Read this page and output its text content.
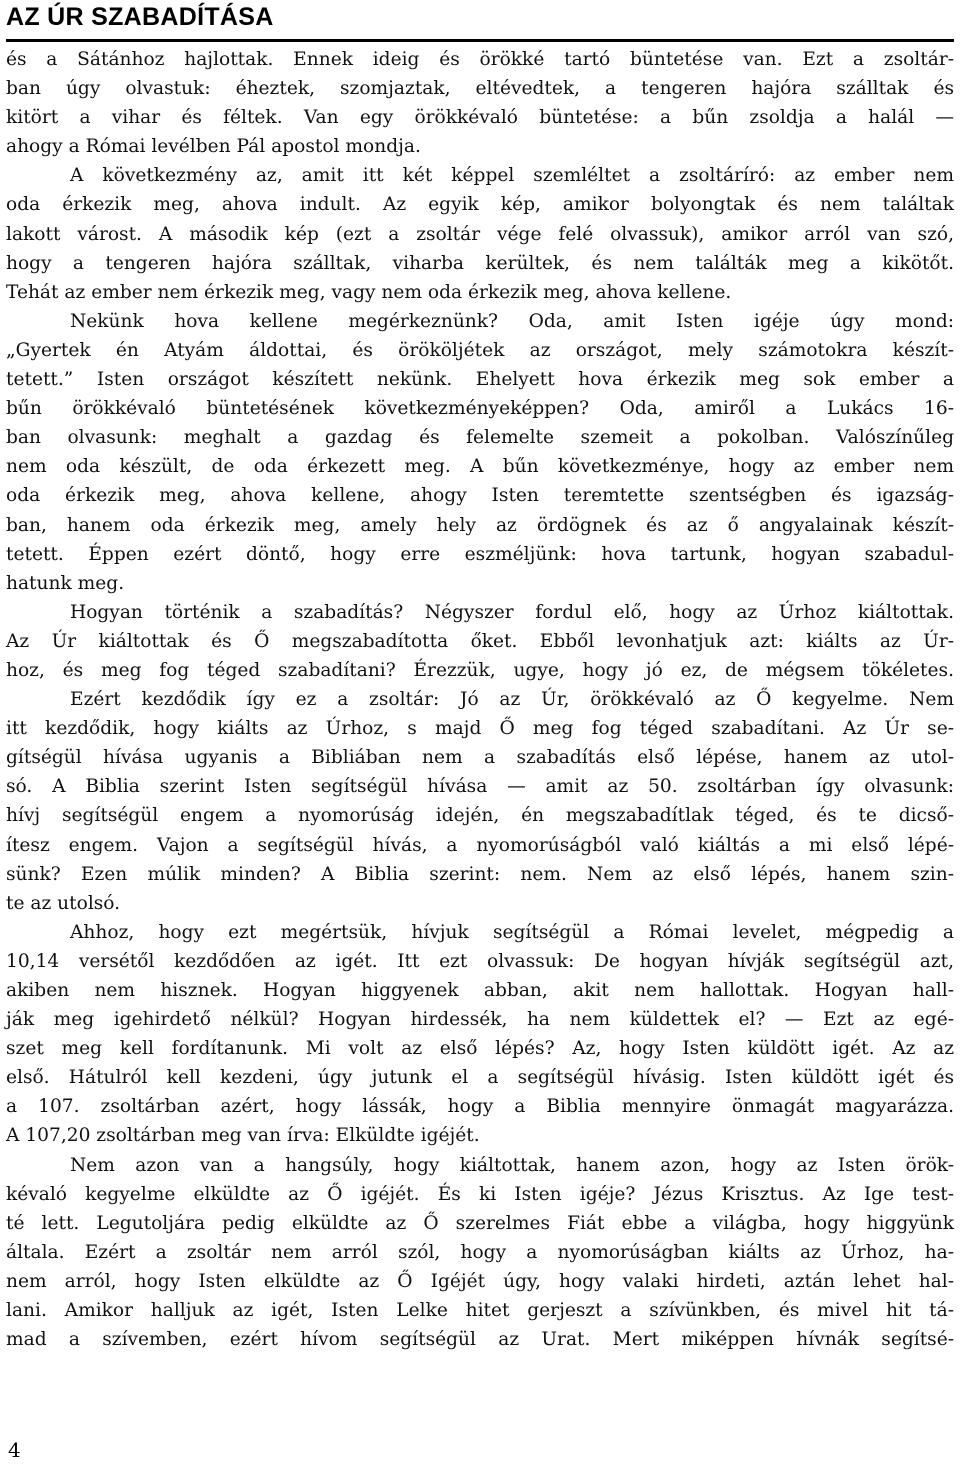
AZ ÚR SZABADÍTÁSA
és a Sátánhoz hajlottak. Ennek ideig és örökké tartó büntetése van. Ezt a zsoltár-
ban úgy olvastuk: éheztek, szomjaztak, eltévedtek, a tengeren hajóra szálltak és
kitört a vihar és féltek. Van egy örökkévaló büntetése: a bűn zsoldja a halál —
ahogy a Római levélben Pál apostol mondja.
A következmény az, amit itt két képpel szemléltet a zsoltáríró: az ember nem
oda érkezik meg, ahova indult. Az egyik kép, amikor bolyongtak és nem találtak
lakott várost. A második kép (ezt a zsoltár vége felé olvassuk), amikor arról van szó,
hogy a tengeren hajóra szálltak, viharba kerültek, és nem találták meg a kikötőt.
Tehát az ember nem érkezik meg, vagy nem oda érkezik meg, ahova kellene.
Nekünk hova kellene megérkeznünk? Oda, amit Isten igéje úgy mond:
„Gyertek én Atyám áldottai, és örököljétek az országot, mely számotokra készít-
tetett.” Isten országot készített nekünk. Ehelyett hova érkezik meg sok ember a
bűn örökkévaló büntetésének következményeképpen? Oda, amiről a Lukács 16-
ban olvasunk: meghalt a gazdag és felemelte szemeit a pokolban. Valószínűleg
nem oda készült, de oda érkezett meg. A bűn következménye, hogy az ember nem
oda érkezik meg, ahova kellene, ahogy Isten teremtette szentségben és igazság-
ban, hanem oda érkezik meg, amely hely az ördögnek és az ő angyalainak készít-
tetett. Éppen ezért döntő, hogy erre eszméljünk: hova tartunk, hogyan szabadul-
hatunk meg.
Hogyan történik a szabadítás? Négyszer fordul elő, hogy az Úrhoz kiáltottak.
Az Úr kiáltottak és Ő megszabadította őket. Ebből levonhatjuk azt: kiálts az Úr-
hoz, és meg fog téged szabadítani? Érezzük, ugye, hogy jó ez, de mégsem tökéletes.
Ezért kezdődik így ez a zsoltár: Jó az Úr, örökkévaló az Ő kegyelme. Nem
itt kezdődik, hogy kiálts az Úrhoz, s majd Ő meg fog téged szabadítani. Az Úr se-
gítségül hívása ugyanis a Bibliában nem a szabadítás első lépése, hanem az utol-
só. A Biblia szerint Isten segítségül hívása — amit az 50. zsoltárban így olvasunk:
hívj segítségül engem a nyomorúság idején, én megszabadítlak téged, és te dicső-
ítesz engem. Vajon a segítségül hívás, a nyomorúságból való kiáltás a mi első lépé-
sünk? Ezen múlik minden? A Biblia szerint: nem. Nem az első lépés, hanem szin-
te az utolsó.
Ahhoz, hogy ezt megértsük, hívjuk segítségül a Római levelet, mégpedig a
10,14 versétől kezdődően az igét. Itt ezt olvassuk: De hogyan hívják segítségül azt,
akiben nem hisznek. Hogyan higgyenek abban, akit nem hallottak. Hogyan hall-
ják meg igehirdető nélkül? Hogyan hirdessék, ha nem küldettek el? — Ezt az egé-
szet meg kell fordítanunk. Mi volt az első lépés? Az, hogy Isten küldött igét. Az az
első. Hátulról kell kezdeni, úgy jutunk el a segítségül hívásig. Isten küldött igét és
a 107. zsoltárban azért, hogy lássák, hogy a Biblia mennyire önmagát magyarázza.
A 107,20 zsoltárban meg van írva: Elküldte igéjét.
Nem azon van a hangsúly, hogy kiáltottak, hanem azon, hogy az Isten örök-
kévaló kegyelme elküldte az Ő igéjét. És ki Isten igéje? Jézus Krisztus. Az Ige test-
té lett. Legutoljára pedig elküldte az Ő szerelmes Fiát ebbe a világba, hogy higgyünk
általa. Ezért a zsoltár nem arról szól, hogy a nyomorúságban kiálts az Úrhoz, ha-
nem arról, hogy Isten elküldte az Ő Igéjét úgy, hogy valaki hirdeti, aztán lehet hal-
lani. Amikor halljuk az igét, Isten Lelke hitet gerjeszt a szívünkben, és mivel hit tá-
mad a szívemben, ezért hívom segítségül az Urat. Mert miképpen hívnák segítsé-
4
